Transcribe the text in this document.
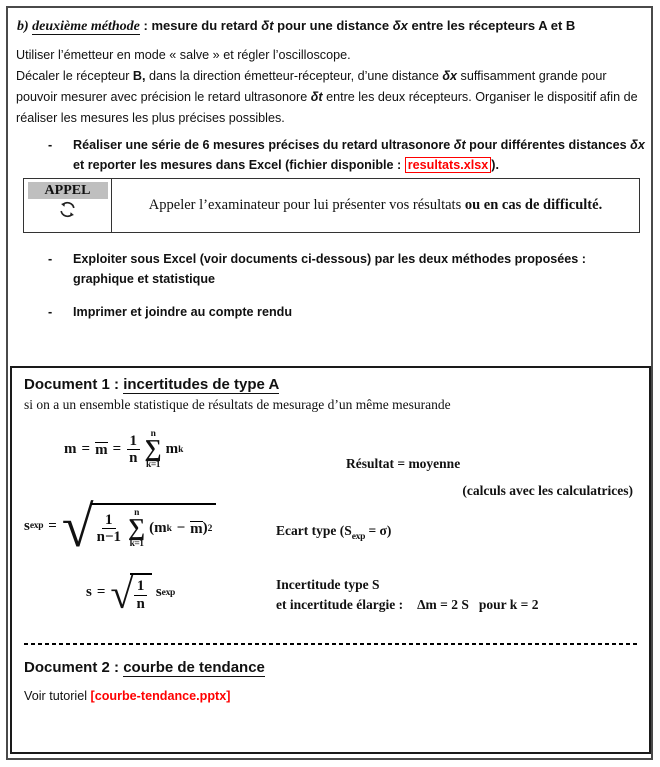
b) deuxième méthode : mesure du retard δt pour une distance δx entre les récepteurs A et B
Utiliser l’émetteur en mode « salve » et régler l’oscilloscope.
Décaler le récepteur B, dans la direction émetteur-récepteur, d’une distance δx suffisamment grande pour pouvoir mesurer avec précision le retard ultrasonore δt entre les deux récepteurs. Organiser le dispositif afin de réaliser les mesures les plus précises possibles.
- Réaliser une série de 6 mesures précises du retard ultrasonore δt pour différentes distances δx et reporter les mesures dans Excel (fichier disponible : resultats.xlsx ).
APPEL
Appeler l’examinateur pour lui présenter vos résultats ou en cas de difficulté.
- Exploiter sous Excel (voir documents ci-dessous) par les deux méthodes proposées : graphique et statistique
- Imprimer et joindre au compte rendu
Document 1 : incertitudes de type A
si on a un ensemble statistique de résultats de mesurage d’un même mesurande
$m = m = \frac{1}{n}$ n
∑
k=1
m k
Résultat = moyenne
(calculs avec les calculatrices)
s exp = √ $\frac{1}{n-1}$ n
∑
k=1
(m k − m ) 2	Ecart type $(S_{exp} = \sigma)$
s = √ $\frac{1}{n}$ s exp
Incertitude type S
et incertitude élargie : Δm = 2 S pour k = 2
Document 2 : courbe de tendance
Voir tutoriel [courbe-tendance.pptx]
